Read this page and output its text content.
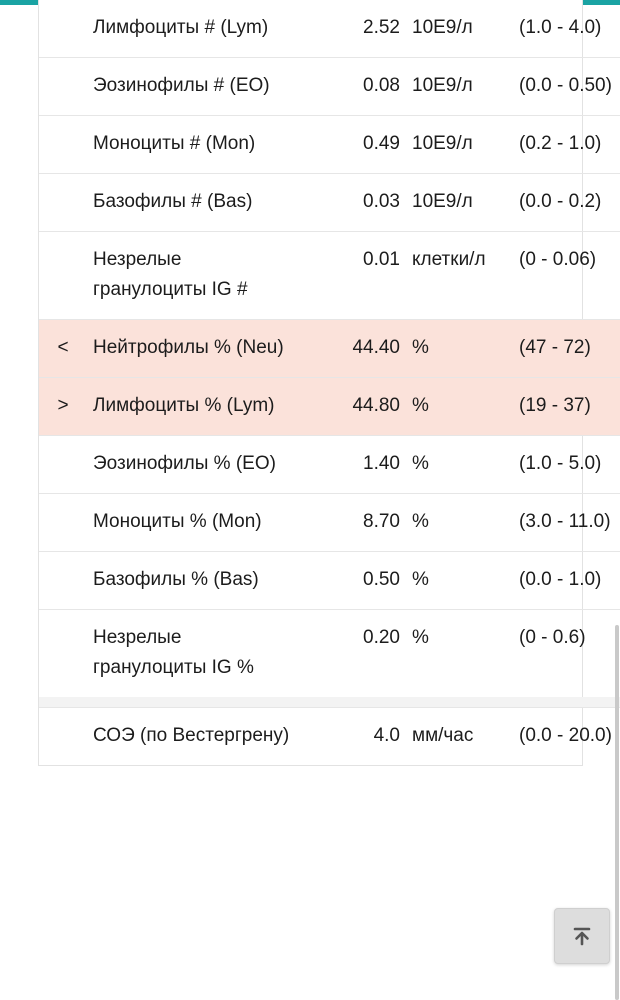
	Лимфоциты # (Lym)	2.52	10E9/л	(1.0 - 4.0)
	Эозинофилы # (EO)	0.08	10E9/л	(0.0 - 0.50)
	Моноциты # (Mon)	0.49	10E9/л	(0.2 - 1.0)
	Базофилы # (Bas)	0.03	10E9/л	(0.0 - 0.2)
	Незрелые гранулоциты IG #	0.01	клетки/л	(0 - 0.06)
<	Нейтрофилы % (Neu)	44.40	%	(47 - 72)
>	Лимфоциты % (Lym)	44.80	%	(19 - 37)
	Эозинофилы % (EO)	1.40	%	(1.0 - 5.0)
	Моноциты % (Mon)	8.70	%	(3.0 - 11.0)
	Базофилы % (Bas)	0.50	%	(0.0 - 1.0)
	Незрелые гранулоциты IG %	0.20	%	(0 - 0.6)

	СОЭ (по Вестергрену)	4.0	мм/час	(0.0 - 20.0)
